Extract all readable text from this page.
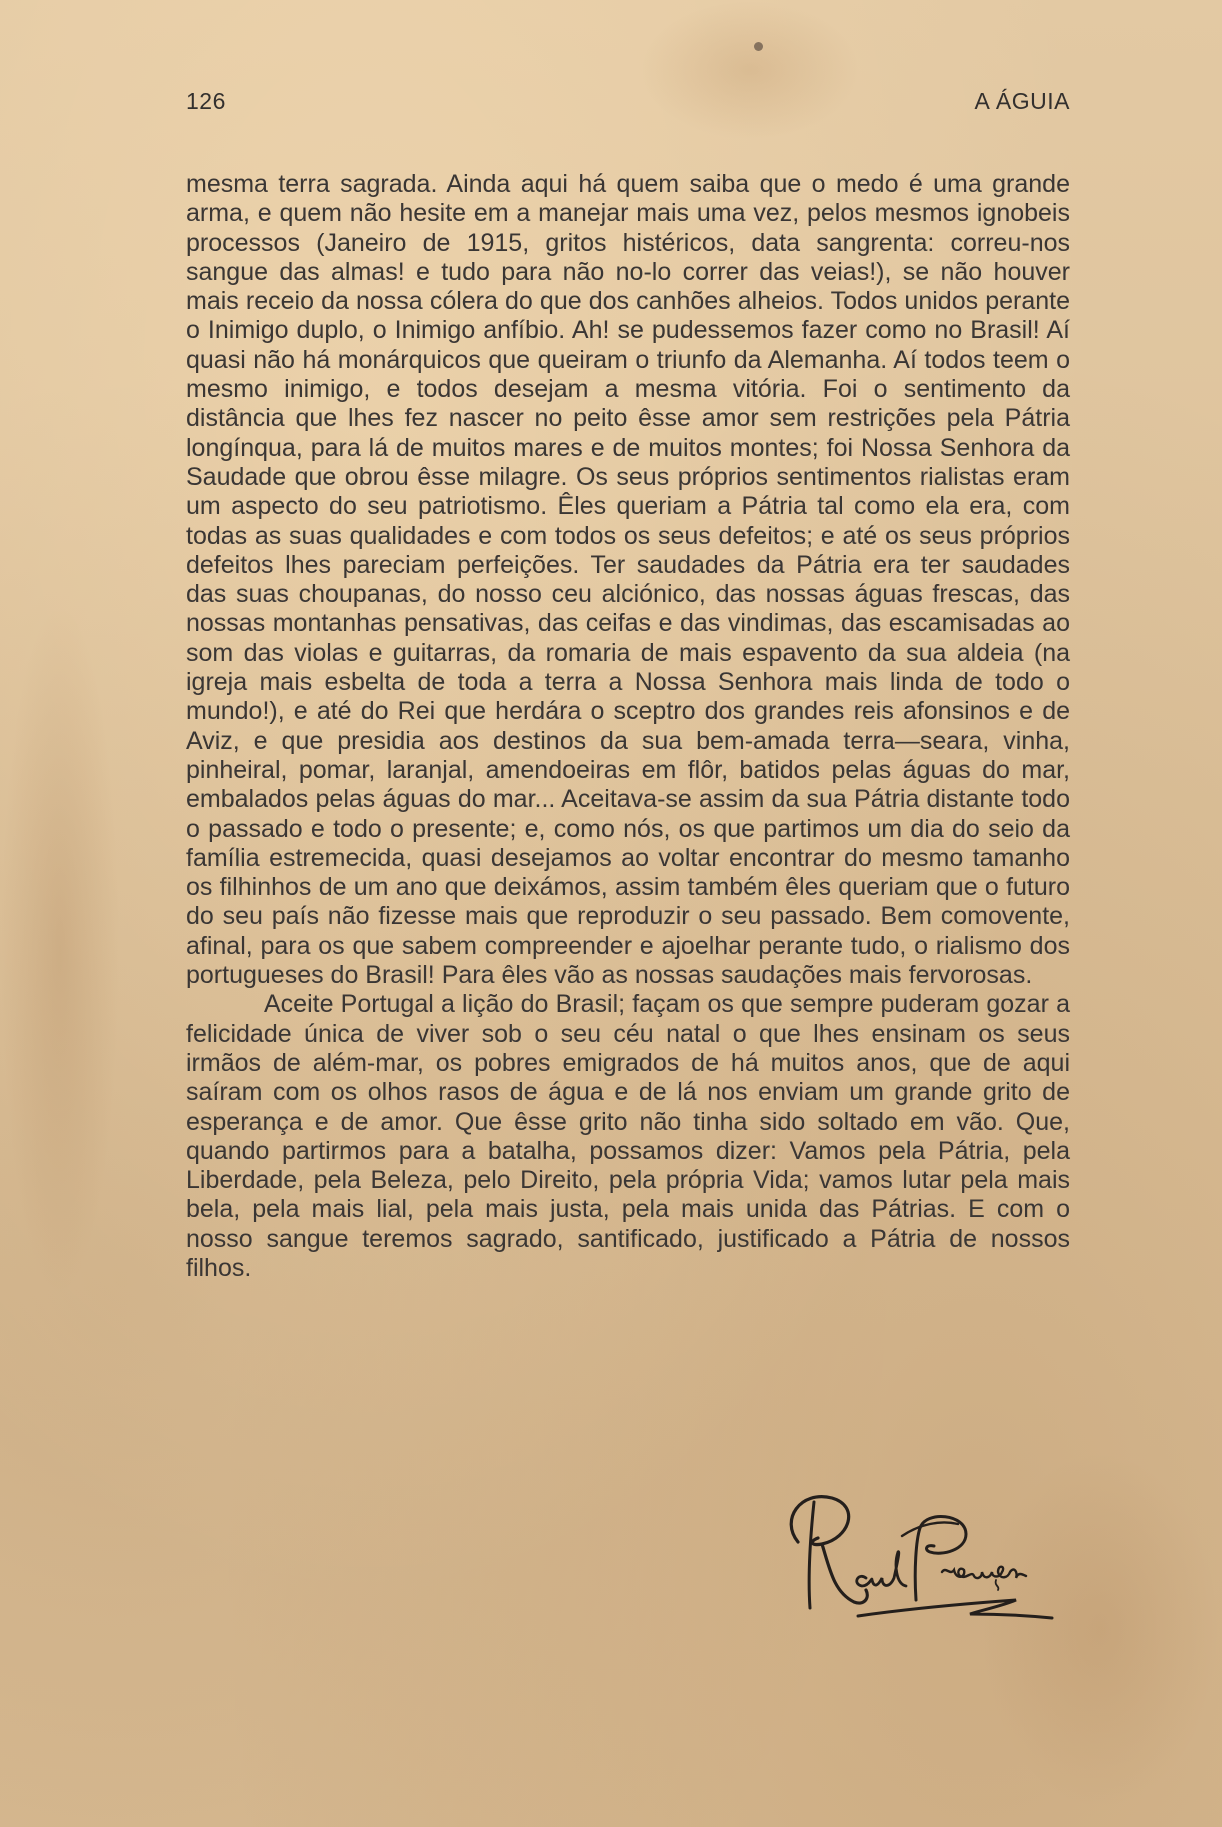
126	A ÁGUIA

mesma terra sagrada. Ainda aqui há quem saiba que o medo é uma grande arma, e quem não hesite em a manejar mais uma vez, pelos mesmos ignobeis processos (Janeiro de 1915, gritos histéricos, data sangrenta: correu-nos sangue das almas! e tudo para não no-lo correr das veias!), se não houver mais receio da nossa cólera do que dos canhões alheios. Todos unidos perante o Inimigo duplo, o Inimigo anfíbio. Ah! se pudessemos fazer como no Brasil! Aí quasi não há monárquicos que queiram o triunfo da Alemanha. Aí todos teem o mesmo inimigo, e todos desejam a mesma vitória. Foi o sentimento da distância que lhes fez nascer no peito êsse amor sem restrições pela Pátria longínqua, para lá de muitos mares e de muitos montes; foi Nossa Senhora da Saudade que obrou êsse milagre. Os seus próprios sentimentos rialistas eram um aspecto do seu patriotismo. Êles queriam a Pátria tal como ela era, com todas as suas qualidades e com todos os seus defeitos; e até os seus próprios defeitos lhes pareciam perfeições. Ter saudades da Pátria era ter saudades das suas choupanas, do nosso ceu alciónico, das nossas águas frescas, das nossas montanhas pensativas, das ceifas e das vindimas, das escamisadas ao som das violas e guitarras, da romaria de mais espavento da sua aldeia (na igreja mais esbelta de toda a terra a Nossa Senhora mais linda de todo o mundo!), e até do Rei que herdára o sceptro dos grandes reis afonsinos e de Aviz, e que presidia aos destinos da sua bem-amada terra—seara, vinha, pinheiral, pomar, laranjal, amendoeiras em flôr, batidos pelas águas do mar, embalados pelas águas do mar... Aceitava-se assim da sua Pátria distante todo o passado e todo o presente; e, como nós, os que partimos um dia do seio da família estremecida, quasi desejamos ao voltar encontrar do mesmo tamanho os filhinhos de um ano que deixámos, assim também êles queriam que o futuro do seu país não fizesse mais que reproduzir o seu passado. Bem comovente, afinal, para os que sabem compreender e ajoelhar perante tudo, o rialismo dos portugueses do Brasil! Para êles vão as nossas saudações mais fervorosas.

Aceite Portugal a lição do Brasil; façam os que sempre puderam gozar a felicidade única de viver sob o seu céu natal o que lhes ensinam os seus irmãos de além-mar, os pobres emigrados de há muitos anos, que de aqui saíram com os olhos rasos de água e de lá nos enviam um grande grito de esperança e de amor. Que êsse grito não tinha sido soltado em vão. Que, quando partirmos para a batalha, possamos dizer: Vamos pela Pátria, pela Liberdade, pela Beleza, pelo Direito, pela própria Vida; vamos lutar pela mais bela, pela mais lial, pela mais justa, pela mais unida das Pátrias. E com o nosso sangue teremos sagrado, santificado, justificado a Pátria de nossos filhos.
